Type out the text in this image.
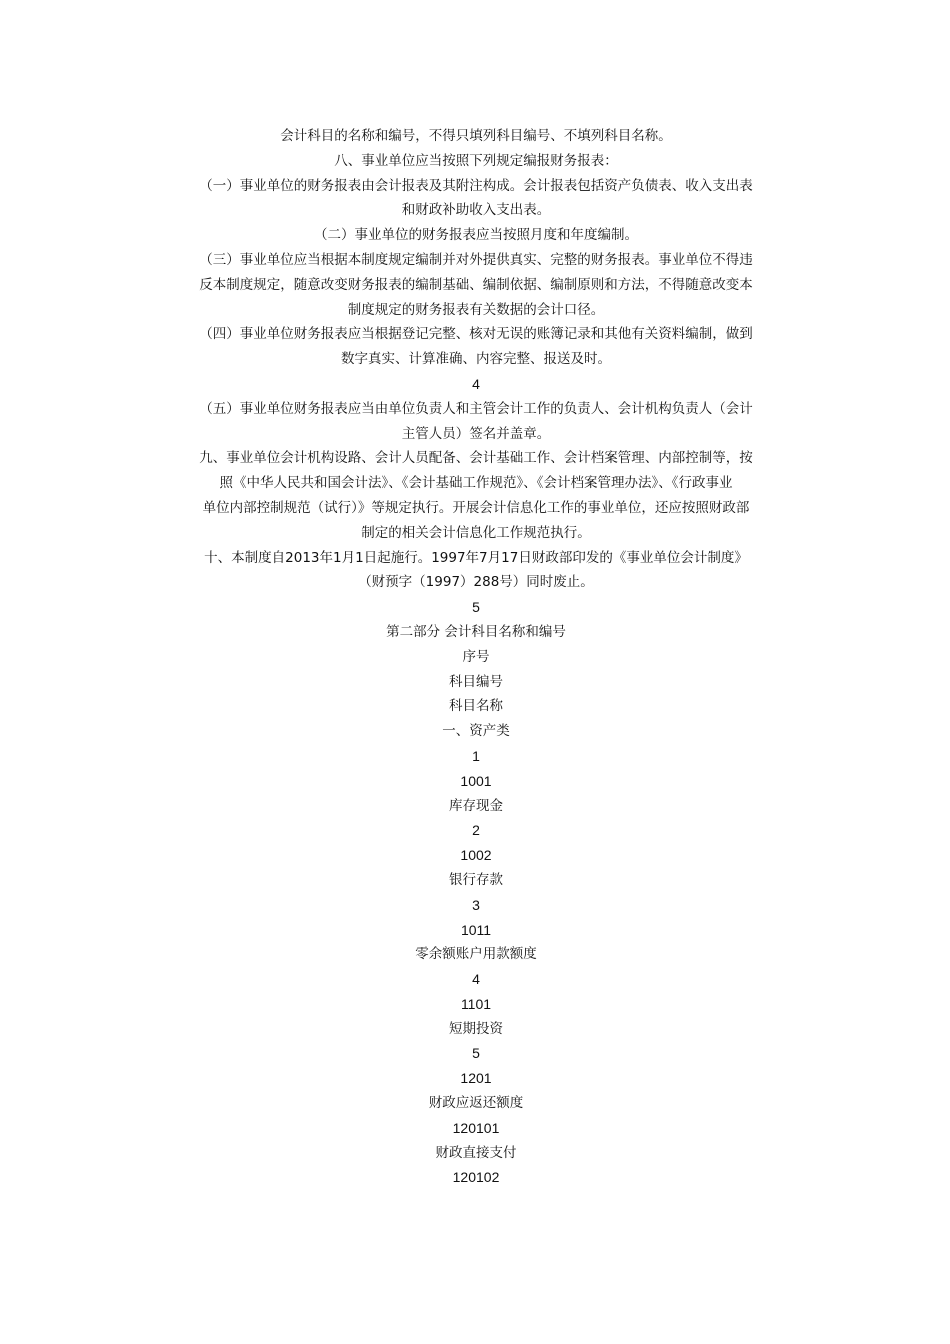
会计科目的名称和编号，不得只填列科目编号、不填列科目名称。

八、事业单位应当按照下列规定编报财务报表：

（一）事业单位的财务报表由会计报表及其附注构成。会计报表包括资产负债表、收入支出表

和财政补助收入支出表。

（二）事业单位的财务报表应当按照月度和年度编制。

（三）事业单位应当根据本制度规定编制并对外提供真实、完整的财务报表。事业单位不得违

反本制度规定，随意改变财务报表的编制基础、编制依据、编制原则和方法，不得随意改变本

制度规定的财务报表有关数据的会计口径。

（四）事业单位财务报表应当根据登记完整、核对无误的账簿记录和其他有关资料编制，做到

数字真实、计算准确、内容完整、报送及时。

4

（五）事业单位财务报表应当由单位负责人和主管会计工作的负责人、会计机构负责人（会计

主管人员）签名并盖章。

九、事业单位会计机构设路、会计人员配备、会计基础工作、会计档案管理、内部控制等，按

照《中华人民共和国会计法》、《会计基础工作规范》、《会计档案管理办法》、《行政事业

单位内部控制规范（试行）》等规定执行。开展会计信息化工作的事业单位，还应按照财政部

制定的相关会计信息化工作规范执行。

十、本制度自2013年1月1日起施行。1997年7月17日财政部印发的《事业单位会计制度》

（财预字（1997）288号）同时废止。

5

第二部分 会计科目名称和编号

序号

科目编号

科目名称

一、资产类

1

1001

库存现金

2

1002

银行存款

3

1011

零余额账户用款额度

4

1101

短期投资

5

1201

财政应返还额度

120101

财政直接支付

120102
